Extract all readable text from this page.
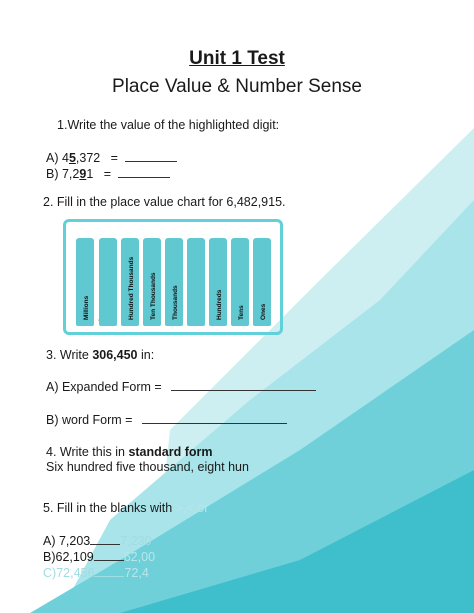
Unit 1 Test
Place Value & Number Sense
1.Write the value of the highlighted digit:
A) 45,372 =
B) 7,291 =
2. Fill in the place value chart for 6,482,915.
Millions	Hundred Thousands Ten Thousands Thousands	Hundreds Tens Ones
3. Write 306,450 in:
A) Expanded Form =
B) word Form =
4. Write this in standard form:
Six hundred five thousand, eight hun
5. Fill in the blanks with >,<,or
A) 7,203 7,230
B)62,109 62,00
C)72,456 72,4
